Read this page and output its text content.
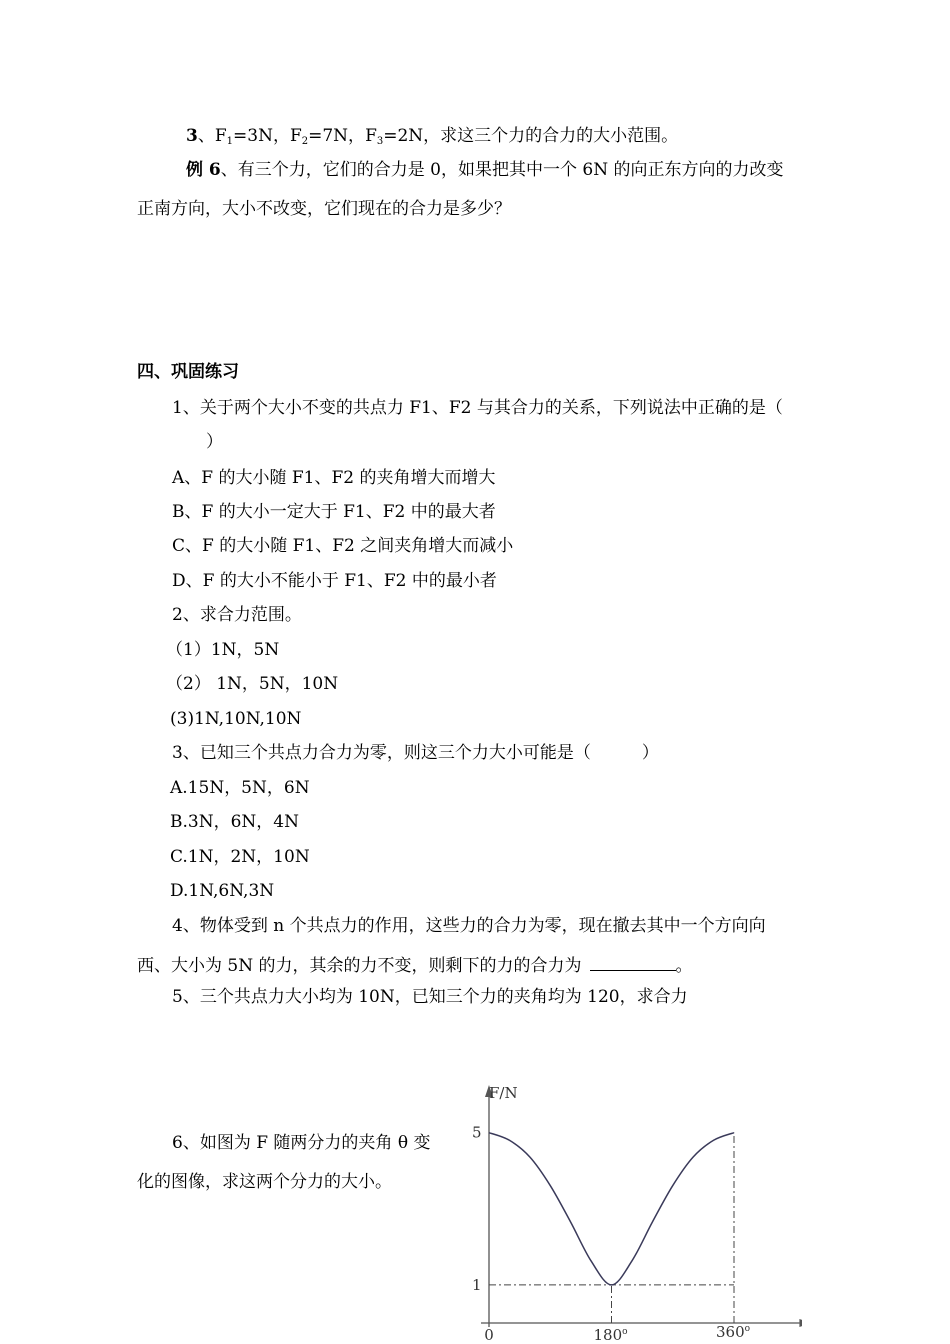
3、$F_1=3N$，$F_2=7N$，$F_3=2N$，求这三个力的合力的大小范围。
例 6、有三个力，它们的合力是 0，如果把其中一个 6N 的向正东方向的力改变
正南方向，大小不改变，它们现在的合力是多少？
四、巩固练习
1、关于两个大小不变的共点力 F1、F2 与其合力的关系，下列说法中正确的是（
）
A、F 的大小随 F1、F2 的夹角增大而增大
B、F 的大小一定大于 F1、F2 中的最大者
C、F 的大小随 F1、F2 之间夹角增大而减小
D、F 的大小不能小于 F1、F2 中的最小者
2、求合力范围。
（1）1N，5N
（2） 1N，5N，10N
(3)1N,10N,10N
3、已知三个共点力合力为零，则这三个力大小可能是（　　　）
A.15N，5N，6N
B.3N，6N，4N
C.1N，2N，10N
D.1N,6N,3N
4、物体受到 n 个共点力的作用，这些力的合力为零，现在撤去其中一个方向向
西、大小为 5N 的力，其余的力不变，则剩下的力的合力为	。
5、三个共点力大小均为 10N，已知三个力的夹角均为 120，求合力
6、如图为 F 随两分力的夹角 θ 变
化的图像，求这两个分力的大小。
F/N
5
1
0	180$^o$	360$^o$
